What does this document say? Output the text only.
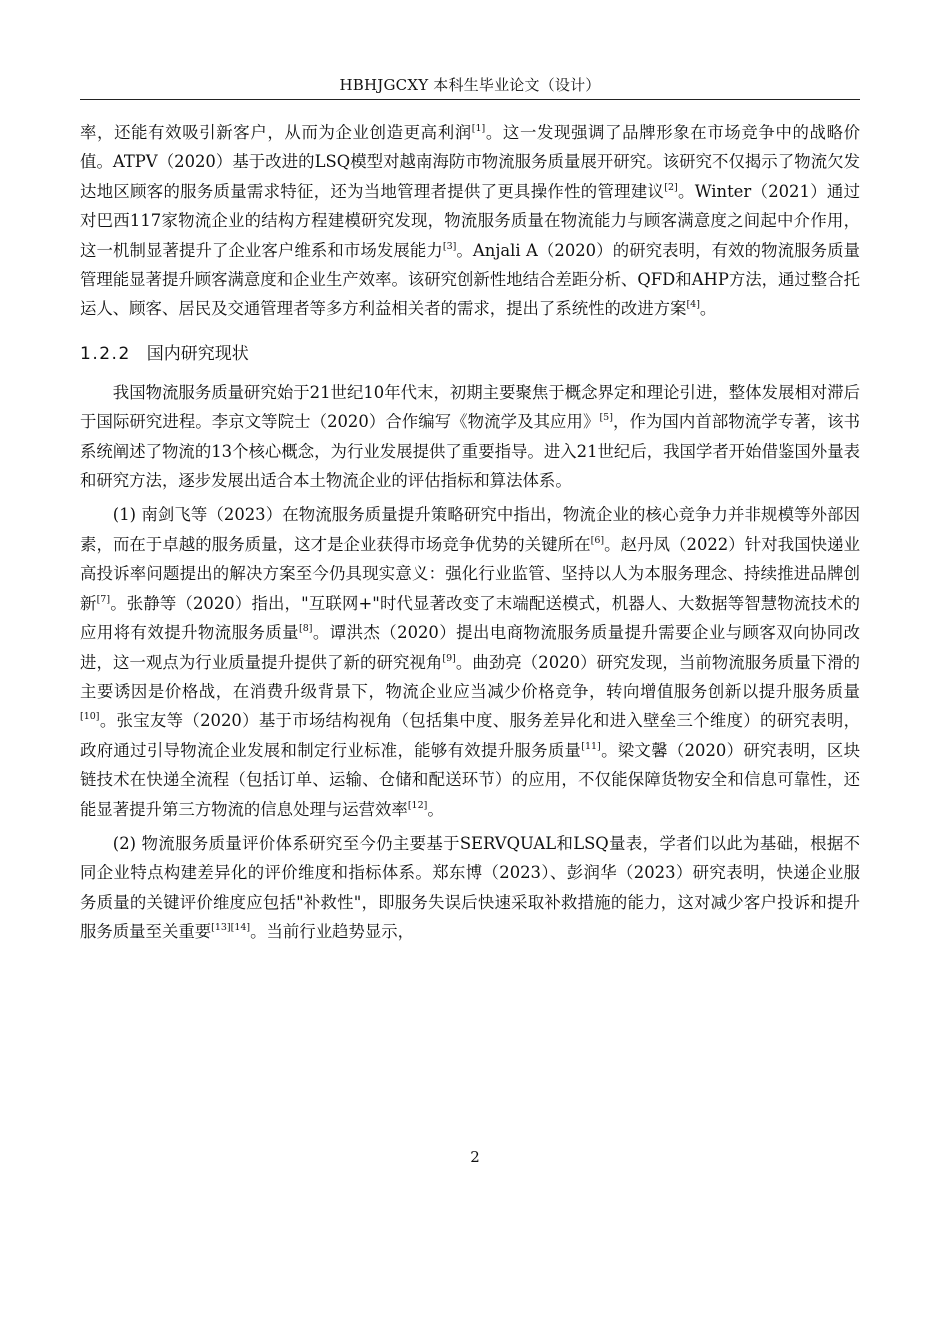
HBHJGCXY 本科生毕业论文（设计）

率，还能有效吸引新客户，从而为企业创造更高利润[1]。这一发现强调了品牌形象在市场竞争中的战略价值。ATPV（2020）基于改进的LSQ模型对越南海防市物流服务质量展开研究。该研究不仅揭示了物流欠发达地区顾客的服务质量需求特征，还为当地管理者提供了更具操作性的管理建议[2]。Winter（2021）通过对巴西117家物流企业的结构方程建模研究发现，物流服务质量在物流能力与顾客满意度之间起中介作用，这一机制显著提升了企业客户维系和市场发展能力[3]。Anjali A（2020）的研究表明，有效的物流服务质量管理能显著提升顾客满意度和企业生产效率。该研究创新性地结合差距分析、QFD和AHP方法，通过整合托运人、顾客、居民及交通管理者等多方利益相关者的需求，提出了系统性的改进方案[4]。

1.2.2 国内研究现状

我国物流服务质量研究始于21世纪10年代末，初期主要聚焦于概念界定和理论引进，整体发展相对滞后于国际研究进程。李京文等院士（2020）合作编写《物流学及其应用》[5]，作为国内首部物流学专著，该书系统阐述了物流的13个核心概念，为行业发展提供了重要指导。进入21世纪后，我国学者开始借鉴国外量表和研究方法，逐步发展出适合本土物流企业的评估指标和算法体系。

(1) 南剑飞等（2023）在物流服务质量提升策略研究中指出，物流企业的核心竞争力并非规模等外部因素，而在于卓越的服务质量，这才是企业获得市场竞争优势的关键所在[6]。赵丹凤（2022）针对我国快递业高投诉率问题提出的解决方案至今仍具现实意义：强化行业监管、坚持以人为本服务理念、持续推进品牌创新[7]。张静等（2020）指出，"互联网+"时代显著改变了末端配送模式，机器人、大数据等智慧物流技术的应用将有效提升物流服务质量[8]。谭洪杰（2020）提出电商物流服务质量提升需要企业与顾客双向协同改进，这一观点为行业质量提升提供了新的研究视角[9]。曲劲亮（2020）研究发现，当前物流服务质量下滑的主要诱因是价格战，在消费升级背景下，物流企业应当减少价格竞争，转向增值服务创新以提升服务质量[10]。张宝友等（2020）基于市场结构视角（包括集中度、服务差异化和进入壁垒三个维度）的研究表明，政府通过引导物流企业发展和制定行业标准，能够有效提升服务质量[11]。梁文馨（2020）研究表明，区块链技术在快递全流程（包括订单、运输、仓储和配送环节）的应用，不仅能保障货物安全和信息可靠性，还能显著提升第三方物流的信息处理与运营效率[12]。

(2) 物流服务质量评价体系研究至今仍主要基于SERVQUAL和LSQ量表，学者们以此为基础，根据不同企业特点构建差异化的评价维度和指标体系。郑东博（2023）、彭润华（2023）研究表明，快递企业服务质量的关键评价维度应包括"补救性"，即服务失误后快速采取补救措施的能力，这对减少客户投诉和提升服务质量至关重要[13][14]。当前行业趋势显示，

2
